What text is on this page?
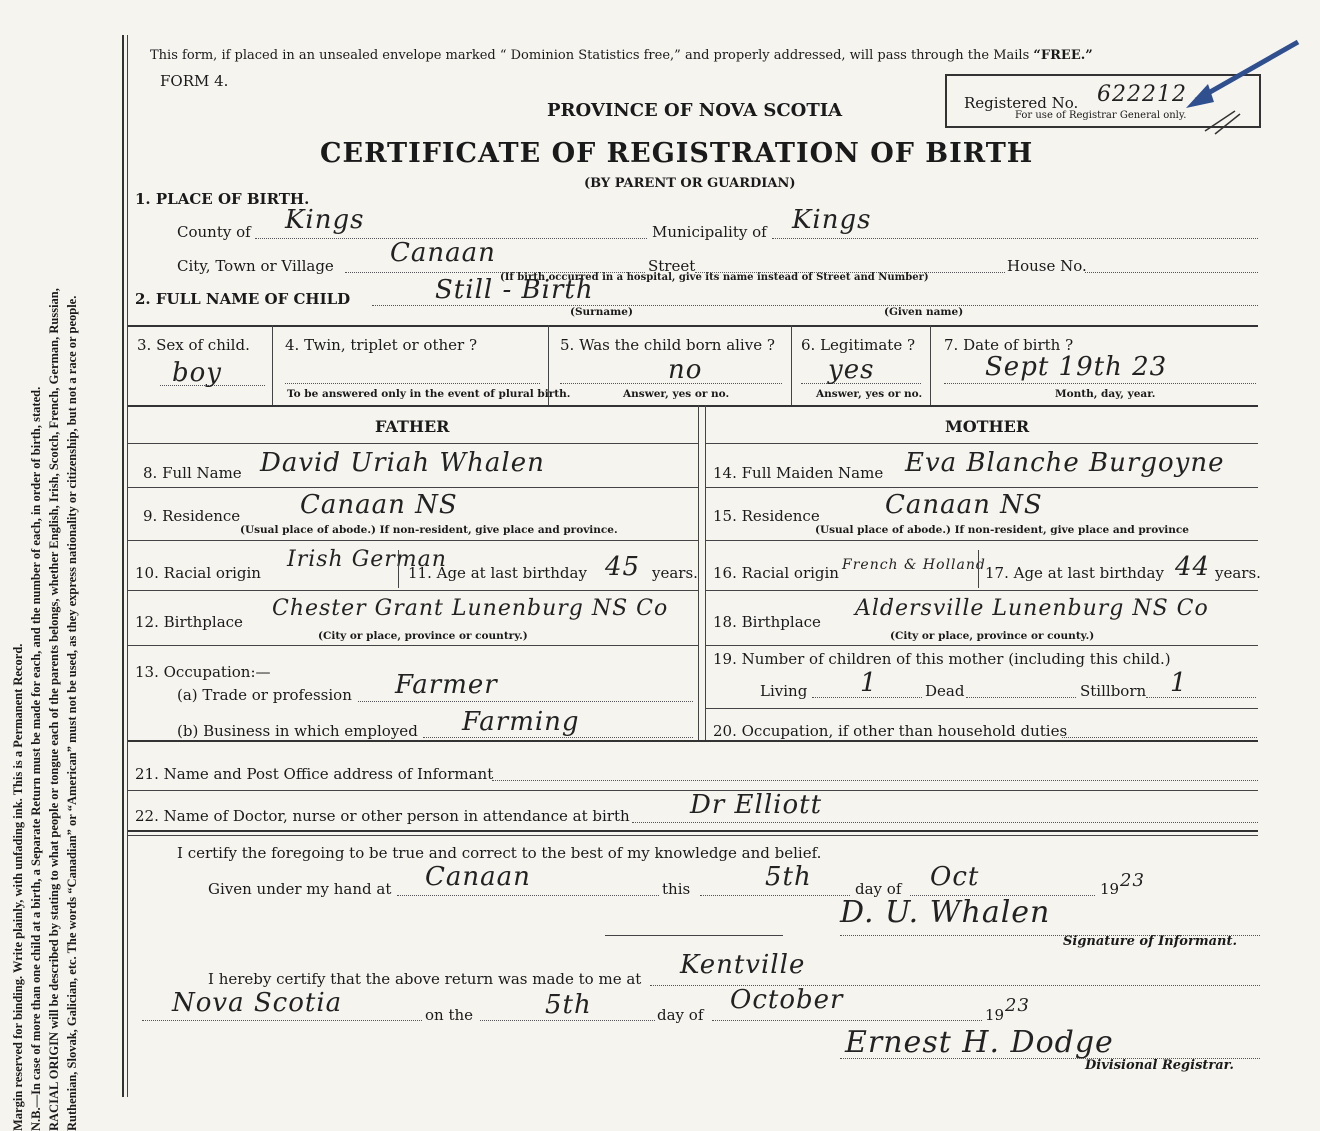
Margin reserved for binding. Write plainly, with unfading ink. This is a Permanent Record. N.B.—In case of more than one child at a birth, a Separate Return must be made for each, and the number of each, in order of birth, stated. RACIAL ORIGIN will be described by stating to what people or tongue each of the parents belongs, whether English, Irish, Scotch, French, German, Russian, Ruthenian, Slovak, Galician, etc. The words “Canadian” or “American” must not be used, as they express nationality or citizenship, but not a race or people.
This form, if placed in an unsealed envelope marked “ Dominion Statistics free,” and properly addressed, will pass through the Mails “FREE.”
FORM 4.
PROVINCE OF NOVA SCOTIA
CERTIFICATE OF REGISTRATION OF BIRTH
(BY PARENT OR GUARDIAN)
Registered No. 622212
For use of Registrar General only.
1. PLACE OF BIRTH.
County of Kings	Municipality of Kings
City, Town or Village Canaan	Street	House No.
(If birth occurred in a hospital, give its name instead of Street and Number)
2. FULL NAME OF CHILD	Still - Birth
(Surname)	(Given name)
3. Sex of child.
boy
4. Twin, triplet or other ?
To be answered only in the event of plural birth.
5. Was the child born alive ?
no
Answer, yes or no.
6. Legitimate ?
yes
Answer, yes or no.
7. Date of birth ?
Sept 19th 23
Month, day, year.
FATHER	MOTHER
8. Full Name David Uriah Whalen
9. Residence Canaan NS
(Usual place of abode.) If non-resident, give place and province.
10. Racial origin
Irish German
11. Age at last birthday 45 years.
12. Birthplace
Chester Grant Lunenburg NS Co
(City or place, province or country.)
13. Occupation:—
(a) Trade or profession Farmer
(b) Business in which employed Farming
14. Full Maiden Name Eva Blanche Burgoyne
15. Residence	Canaan NS
(Usual place of abode.) If non-resident, give place and province
16. Racial origin French & Holland 17. Age at last birthday 44 years.
18. Birthplace
Aldersville Lunenburg NS Co
(City or place, province or county.)
19. Number of children of this mother (including this child.)
Living 1	Dead	Stillborn 1
20. Occupation, if other than household duties
21. Name and Post Office address of Informant
22. Name of Doctor, nurse or other person in attendance at birth Dr Elliott
I certify the foregoing to be true and correct to the best of my knowledge and belief.
Given under my hand at Canaan	this	5th	day of Oct	19 23
D. U. Whalen
Signature of Informant.
I hereby certify that the above return was made to me at Kentville
Nova Scotia	on the	5th	day of October	19 23
Ernest H. Dodge
Divisional Registrar.
